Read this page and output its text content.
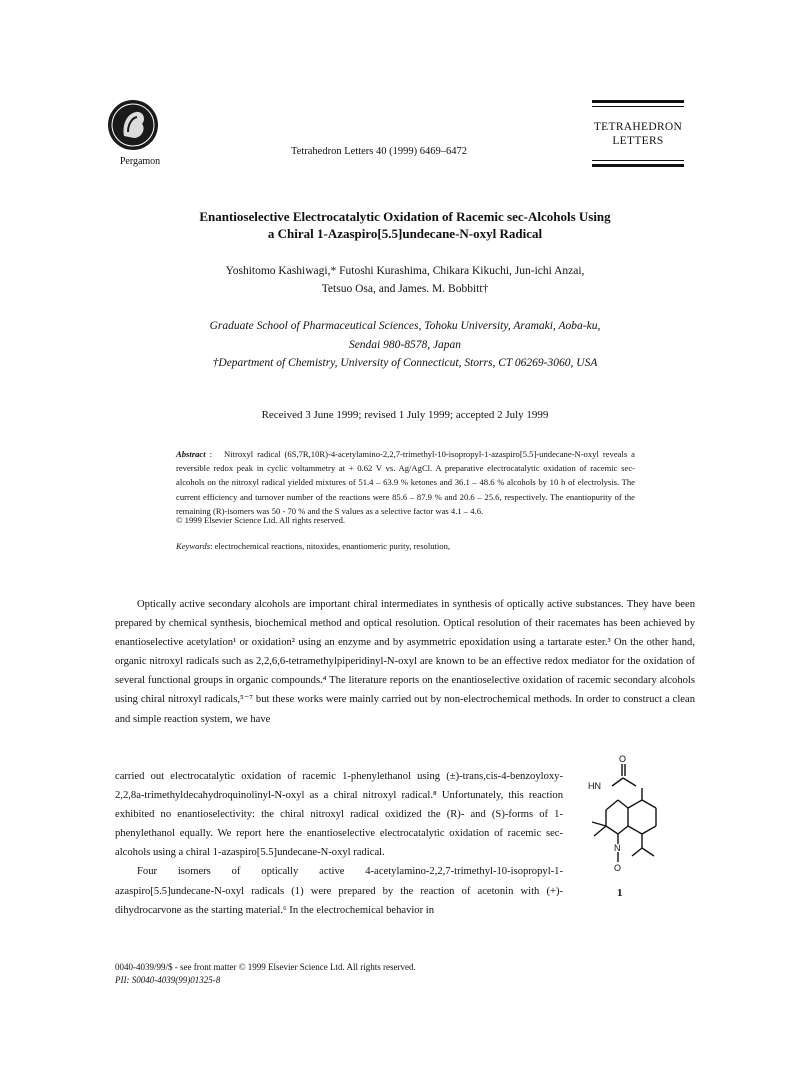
Pergamon
Tetrahedron Letters 40 (1999) 6469–6472
TETRAHEDRON
LETTERS
Enantioselective Electrocatalytic Oxidation of Racemic sec-Alcohols Using
a Chiral 1-Azaspiro[5.5]undecane-N-oxyl Radical
Yoshitomo Kashiwagi,* Futoshi Kurashima, Chikara Kikuchi, Jun-ichi Anzai,
Tetsuo Osa, and James. M. Bobbitt†
Graduate School of Pharmaceutical Sciences, Tohoku University, Aramaki, Aoba-ku,
Sendai 980-8578, Japan
†Department of Chemistry, University of Connecticut, Storrs, CT 06269-3060, USA
Received 3 June 1999; revised 1 July 1999; accepted 2 July 1999
Abstract :   Nitroxyl radical (6S,7R,10R)-4-acetylamino-2,2,7-trimethyl-10-isopropyl-1-azaspiro[5.5]-undecane-N-oxyl reveals a reversible redox peak in cyclic voltammetry at + 0.62 V vs. Ag/AgCl. A preparative electrocatalytic oxidation of racemic sec-alcohols on the nitroxyl radical yielded mixtures of 51.4 – 63.9 % ketones and 36.1 – 48.6 % alcohols by 10 h of electrolysis. The current efficiency and turnover number of the reactions were 85.6 – 87.9 % and 20.6 – 25.6, respectively. The enantiopurity of the remaining (R)-isomers was 50 - 70 % and the S values as a selective factor was 4.1 – 4.6.
© 1999 Elsevier Science Ltd. All rights reserved.
Keywords: electrochemical reactions, nitoxides, enantiomeric purity, resolution,
Optically active secondary alcohols are important chiral intermediates in synthesis of optically active substances. They have been prepared by chemical synthesis, biochemical method and optical resolution. Optical resolution of their racemates has been achieved by enantioselective acetylation¹ or oxidation² using an enzyme and by asymmetric epoxidation using a tartarate ester.³ On the other hand, organic nitroxyl radicals such as 2,2,6,6-tetramethylpiperidinyl-N-oxyl are known to be an effective redox mediator for the oxidation of several functional groups in organic compounds.⁴ The literature reports on the enantioselective oxidation of racemic secondary alcohols using chiral nitroxyl radicals,⁵⁻⁷ but these works were mainly carried out by non-electrochemical methods. In order to construct a clean and simple reaction system, we have

carried out electrocatalytic oxidation of racemic 1-phenylethanol using (±)-trans,cis-4-benzoyloxy-2,2,8a-trimethyldecahydroquinolinyl-N-oxyl as a chiral nitroxyl radical.⁸ Unfortunately, this reaction exhibited no enantioselectivity: the chiral nitroxyl radical oxidized the (R)- and (S)-forms of 1-phenylethanol equally. We report here the enantioselective electrocatalytic oxidation of racemic sec-alcohols using a chiral 1-azaspiro[5.5]undecane-N-oxyl radical.

Four isomers of optically active 4-acetylamino-2,2,7-trimethyl-10-isopropyl-1-azaspiro[5.5]undecane-N-oxyl radicals (1) were prepared by the reaction of acetonin with (+)-dihydrocarvone as the starting material.⁶ In the electrochemical behavior in

O
HN
N
O
1
0040-4039/99/$ - see front matter © 1999 Elsevier Science Ltd. All rights reserved.
PII: S0040-4039(99)01325-8
